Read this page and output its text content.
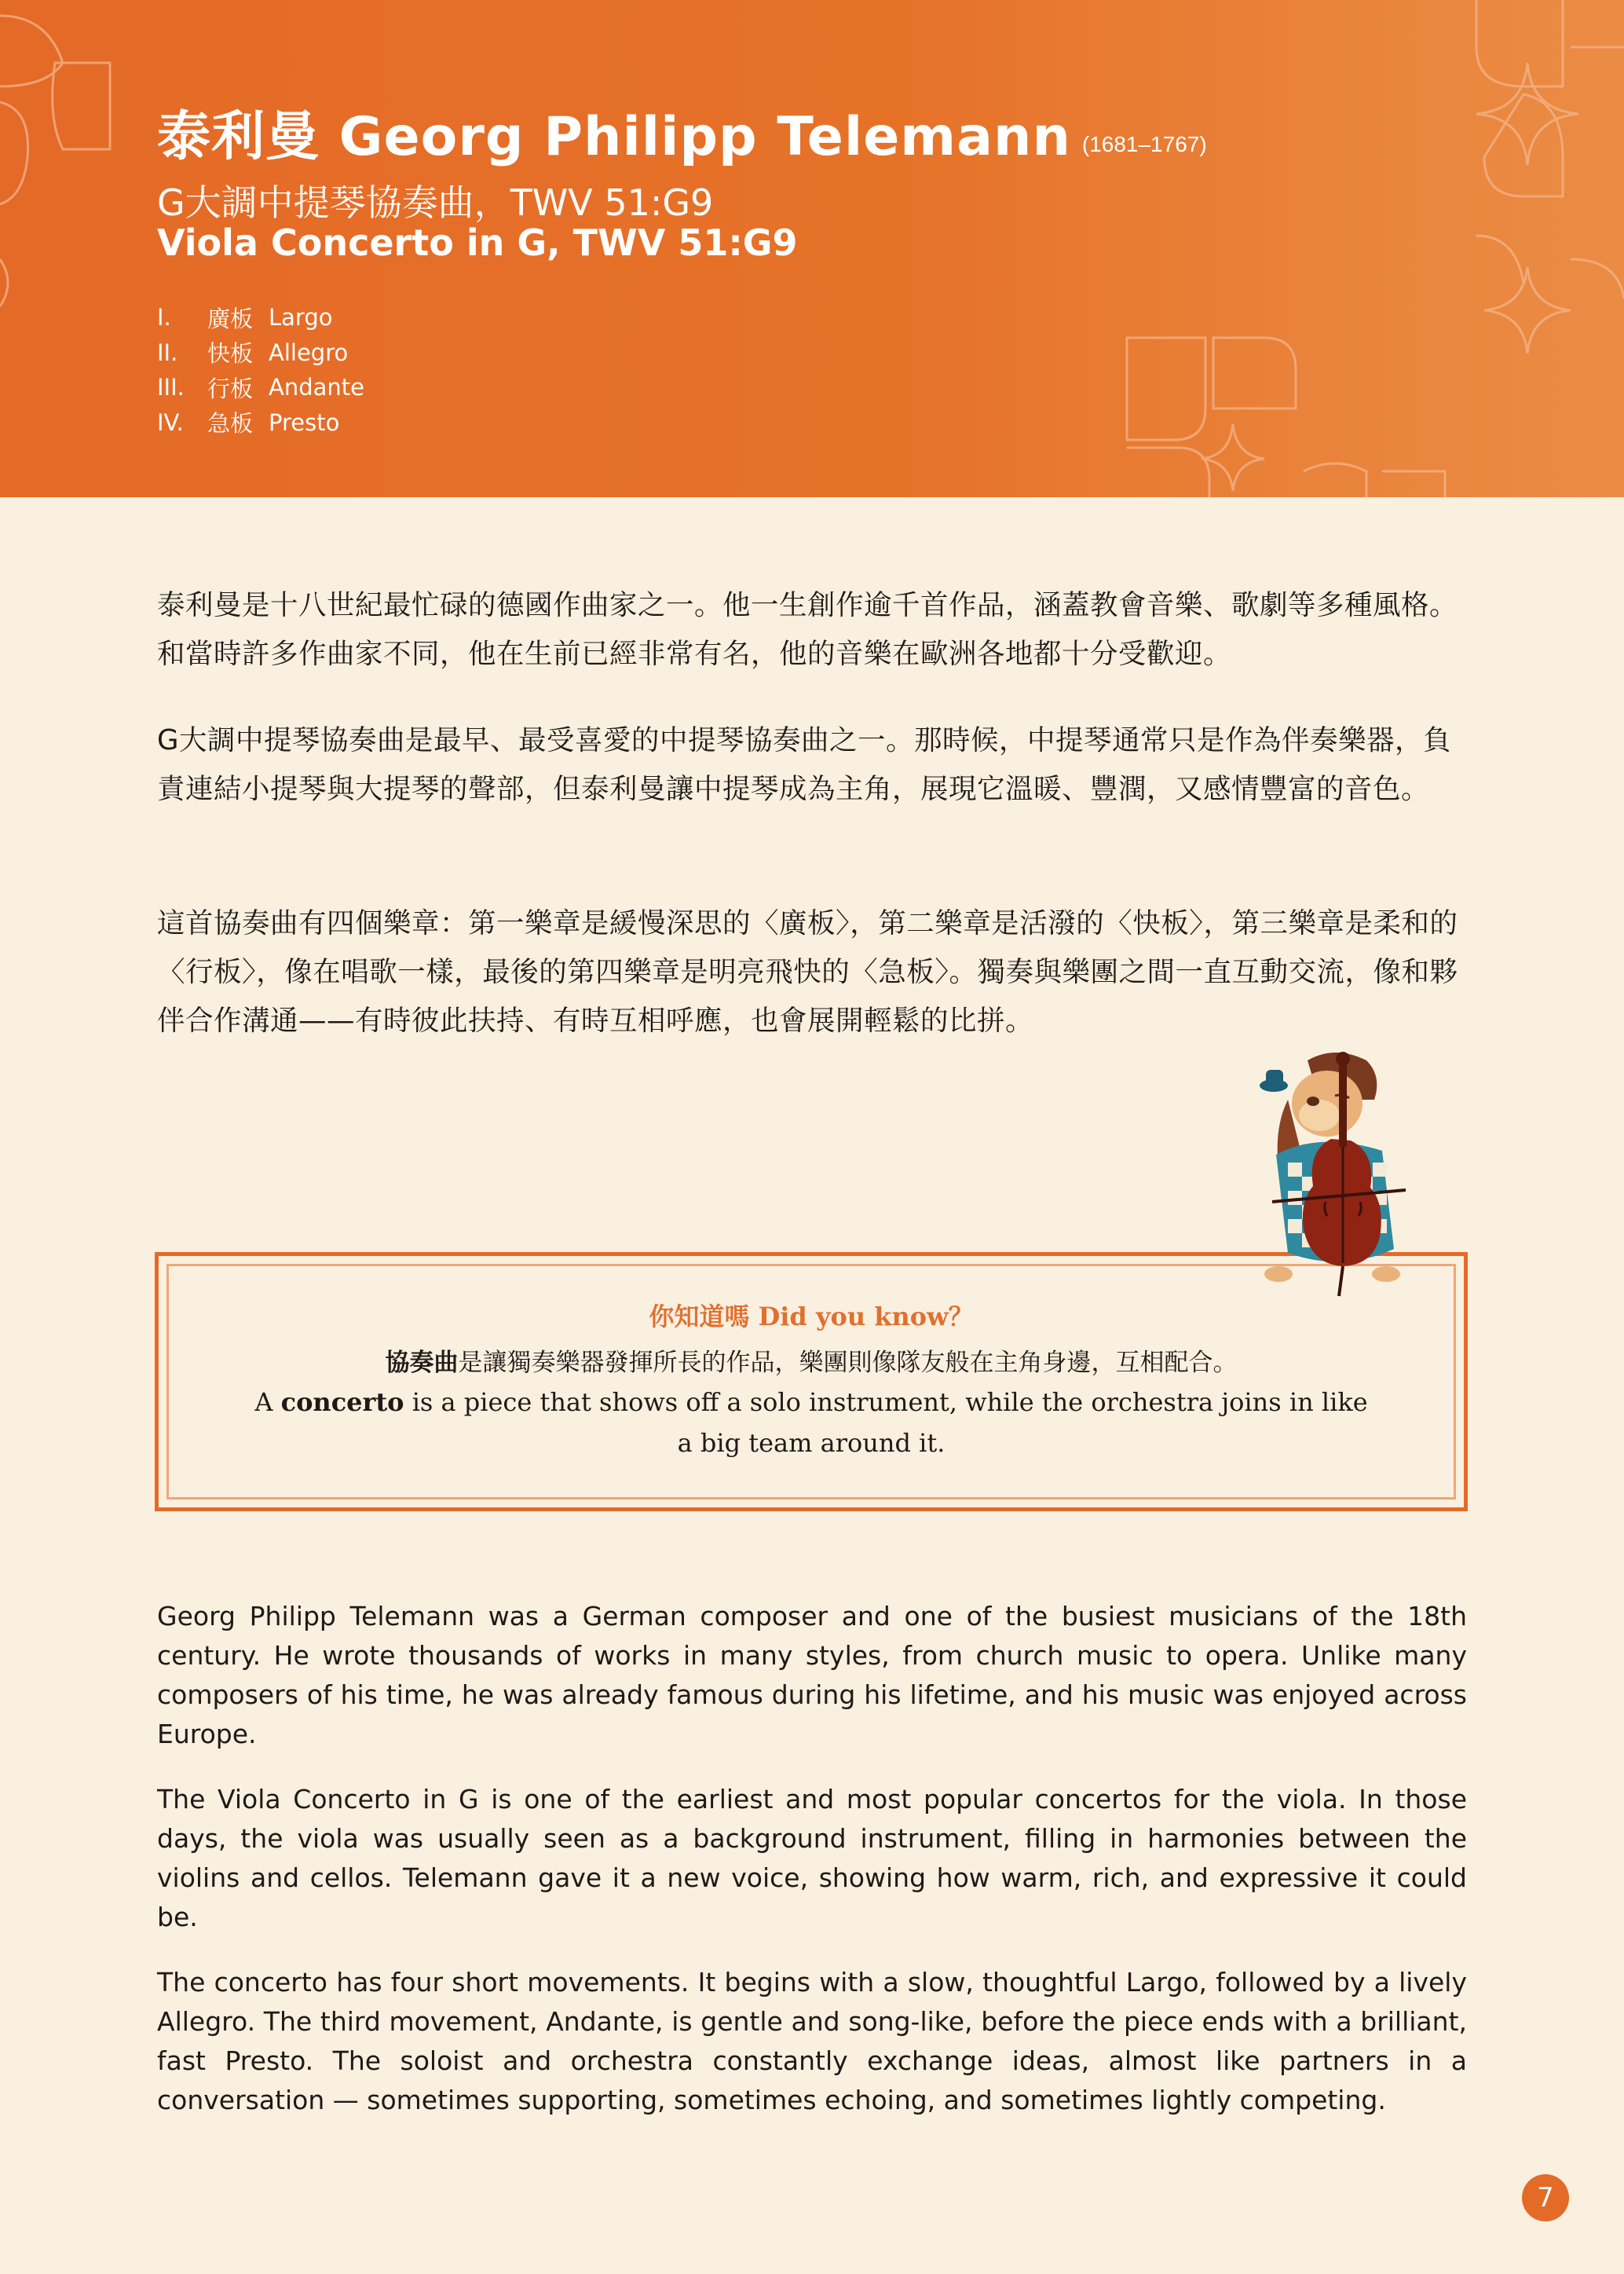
泰利曼 Georg Philipp Telemann (1681–1767)
G大調中提琴協奏曲，TWV 51:G9
Viola Concerto in G, TWV 51:G9
I.	廣板 Largo
II.	快板 Allegro
III.	行板 Andante
IV.	急板 Presto

泰利曼是十八世紀最忙碌的德國作曲家之一。他一生創作逾千首作品，涵蓋教會音樂、歌劇等多種風格。和當時許多作曲家不同，他在生前已經非常有名，他的音樂在歐洲各地都十分受歡迎。

G大調中提琴協奏曲是最早、最受喜愛的中提琴協奏曲之一。那時候，中提琴通常只是作為伴奏樂器，負責連結小提琴與大提琴的聲部，但泰利曼讓中提琴成為主角，展現它溫暖、豐潤，又感情豐富的音色。

這首協奏曲有四個樂章：第一樂章是緩慢深思的〈廣板〉，第二樂章是活潑的〈快板〉，第三樂章是柔和的〈行板〉，像在唱歌一樣，最後的第四樂章是明亮飛快的〈急板〉。獨奏與樂團之間一直互動交流，像和夥伴合作溝通——有時彼此扶持、有時互相呼應，也會展開輕鬆的比拼。

你知道嗎 Did you know？
協奏曲是讓獨奏樂器發揮所長的作品，樂團則像隊友般在主角身邊，互相配合。
A concerto is a piece that shows off a solo instrument, while the orchestra joins in like a big team around it.

Georg Philipp Telemann was a German composer and one of the busiest musicians of the 18th century. He wrote thousands of works in many styles, from church music to opera. Unlike many composers of his time, he was already famous during his lifetime, and his music was enjoyed across Europe.

The Viola Concerto in G is one of the earliest and most popular concertos for the viola. In those days, the viola was usually seen as a background instrument, filling in harmonies between the violins and cellos. Telemann gave it a new voice, showing how warm, rich, and expressive it could be.

The concerto has four short movements. It begins with a slow, thoughtful Largo, followed by a lively Allegro. The third movement, Andante, is gentle and song-like, before the piece ends with a brilliant, fast Presto. The soloist and orchestra constantly exchange ideas, almost like partners in a conversation — sometimes supporting, sometimes echoing, and sometimes lightly competing.

7
